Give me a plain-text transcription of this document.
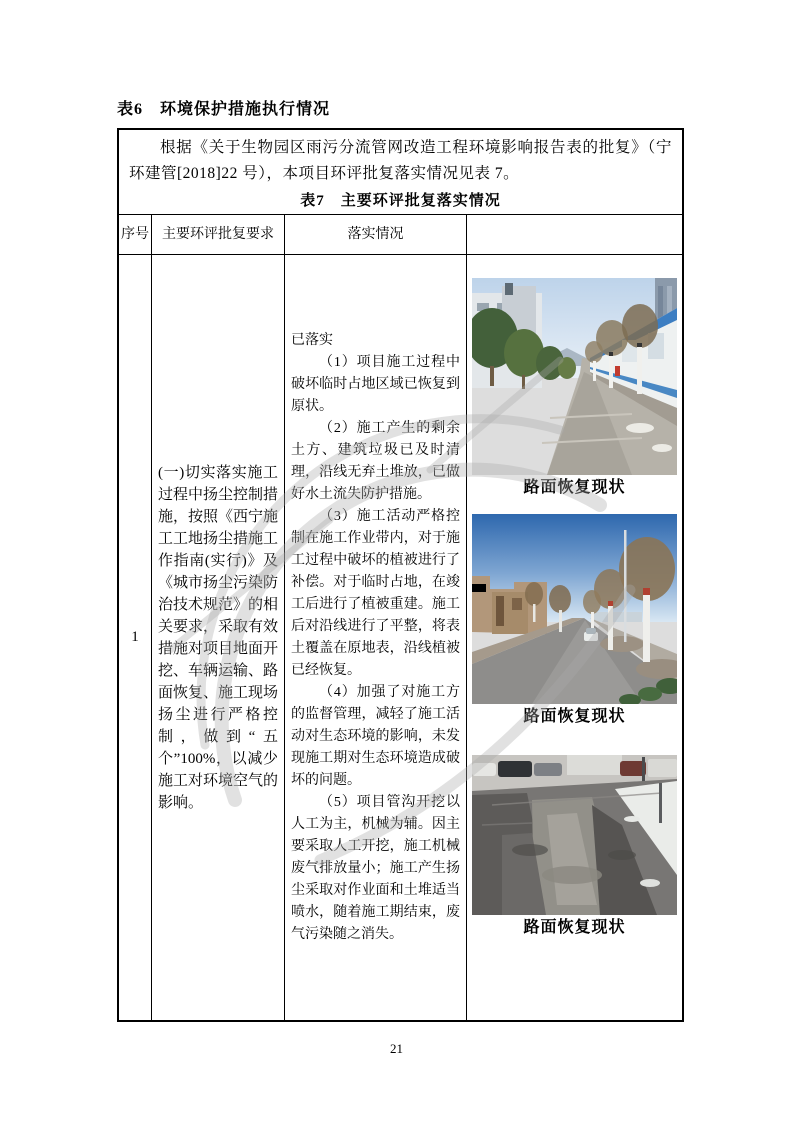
表6　环境保护措施执行情况

根据《关于生物园区雨污分流管网改造工程环境影响报告表的批复》（宁环建管[2018]22 号），本项目环评批复落实情况见表 7。

表7　主要环评批复落实情况
序号 主要环评批复要求	落实情况
1

(一)切实落实施工过程中扬尘控制措施，按照《西宁施工工地扬尘措施工作指南(实行)》及《城市扬尘污染防治技术规范》的相关要求，采取有效措施对项目地面开挖、车辆运输、路面恢复、施工现场扬尘进行严格控制，做到“五个”100%，以减少施工对环境空气的影响。

已落实

（1）项目施工过程中破坏临时占地区域已恢复到原状。

（2）施工产生的剩余土方、建筑垃圾已及时清理，沿线无弃土堆放，已做好水土流失防护措施。

（3）施工活动严格控制在施工作业带内，对于施工过程中破坏的植被进行了补偿。对于临时占地，在竣工后进行了植被重建。施工后对沿线进行了平整，将表土覆盖在原地表，沿线植被已经恢复。

（4）加强了对施工方的监督管理，减轻了施工活动对生态环境的影响，未发现施工期对生态环境造成破坏的问题。

（5）项目管沟开挖以人工为主，机械为辅。因主要采取人工开挖，施工机械废气排放量小；施工产生扬尘采取对作业面和土堆适当喷水，随着施工期结束，废气污染随之消失。

路面恢复现状
路面恢复现状
路面恢复现状
21
